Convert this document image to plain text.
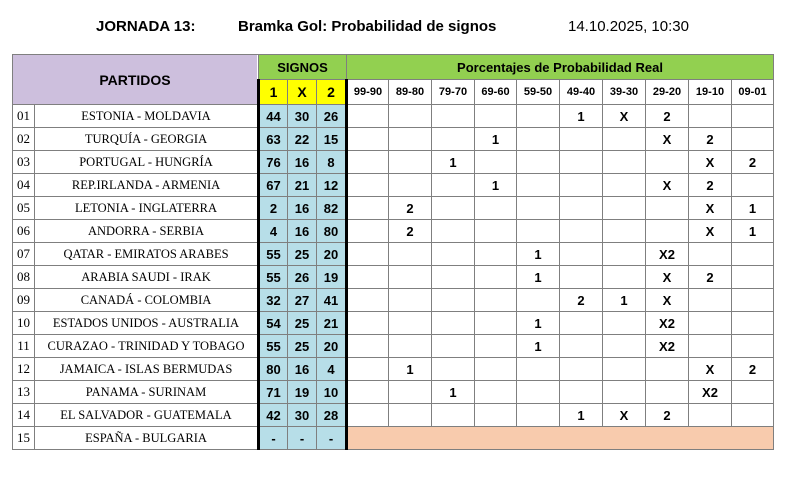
JORNADA 13:	Bramka Gol: Probabilidad de signos	14.10.2025, 10:30
PARTIDOS		SIGNOS			Porcentajes de Probabilidad Real									
		1	X	2	99-90	89-80	79-70	69-60	59-50	49-40	39-30	29-20	19-10	09-01
01	ESTONIA - MOLDAVIA	44	30	26						1	X	2		
02	TURQUÍA - GEORGIA	63	22	15				1				X	2	
03	PORTUGAL - HUNGRÍA	76	16	8			1						X	2
04	REP.IRLANDA - ARMENIA	67	21	12				1				X	2	
05	LETONIA - INGLATERRA	2	16	82		2							X	1
06	ANDORRA - SERBIA	4	16	80		2							X	1
07	QATAR - EMIRATOS ARABES	55	25	20					1			X2		
08	ARABIA SAUDI - IRAK	55	26	19					1			X	2	
09	CANADÁ - COLOMBIA	32	27	41						2	1	X		
10	ESTADOS UNIDOS - AUSTRALIA	54	25	21					1			X2		
11	CURAZAO - TRINIDAD Y TOBAGO	55	25	20					1			X2		
12	JAMAICA - ISLAS BERMUDAS	80	16	4		1							X	2
13	PANAMA - SURINAM	71	19	10			1						X2	
14	EL SALVADOR - GUATEMALA	42	30	28						1	X	2		
15	ESPAÑA - BULGARIA	-	-	-										
